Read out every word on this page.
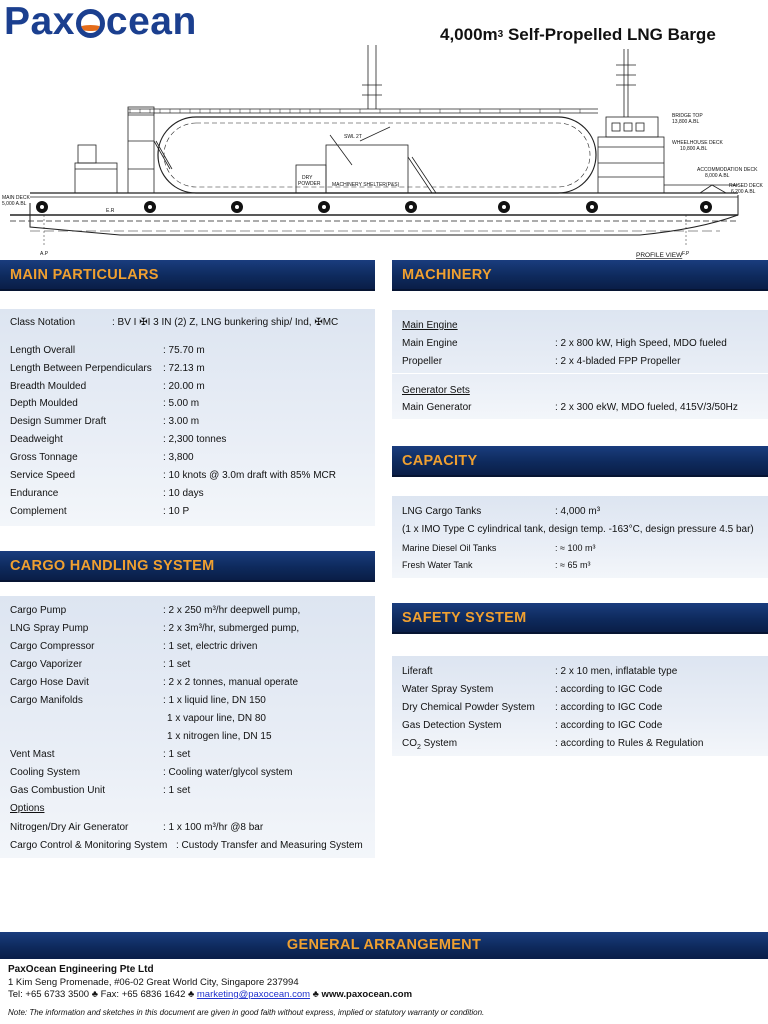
Pax cean	$4,000m^3$ Self-Propelled LNG Barge
BRIDGE TOP
13,800 A.BL
WHEELHOUSE DECK
10,800 A.BL
ACCOMMODATION DECK
8,000 A.BL
RAISED DECK
6,200 A.BL
MAIN DECK
5,000 A.BL
SWL 2T
DRY
POWDER MACHINERY SHELTER(P&S)
E.R
A.P	F.P
PROFILE VIEW
MAIN PARTICULARS
Class Notation	: BV I ✠I 3 IN (2) Z, LNG bunkering ship/ Ind, ✠MC
Length Overall	: 75.70 m
Length Between Perpendiculars : 72.13 m
Breadth Moulded	: 20.00 m
Depth Moulded	: 5.00 m
Design Summer Draft	: 3.00 m
Deadweight	: 2,300 tonnes
Gross Tonnage	: 3,800
Service Speed	: 10 knots @ 3.0m draft with 85% MCR
Endurance	: 10 days
Complement	: 10 P
CARGO HANDLING SYSTEM
Cargo Pump	: 2 x 250 m³/hr deepwell pump,
LNG Spray Pump	: 2 x 3m³/hr, submerged pump,
Cargo Compressor	: 1 set, electric driven
Cargo Vaporizer	: 1 set
Cargo Hose Davit	: 2 x 2 tonnes, manual operate
Cargo Manifolds	: 1 x liquid line, DN 150
1 x vapour line, DN 80
1 x nitrogen line, DN 15
Vent Mast	: 1 set
Cooling System	: Cooling water/glycol system
Gas Combustion Unit	: 1 set
Options
Nitrogen/Dry Air Generator	: 1 x 100 m³/hr @8 bar
Cargo Control & Monitoring System : Custody Transfer and Measuring System
MACHINERY
Main Engine
Main Engine	: 2 x 800 kW, High Speed, MDO fueled
Propeller	: 2 x 4-bladed FPP Propeller
Generator Sets
Main Generator	: 2 x 300 ekW, MDO fueled, 415V/3/50Hz
CAPACITY
LNG Cargo Tanks	: 4,000 m³
(1 x IMO Type C cylindrical tank, design temp. -163°C, design pressure 4.5 bar)
Marine Diesel Oil Tanks	: ≈ 100 m³
Fresh Water Tank	: ≈ 65 m³
SAFETY SYSTEM
Liferaft	: 2 x 10 men, inflatable type
Water Spray System	: according to IGC Code
Dry Chemical Powder System : according to IGC Code
Gas Detection System	: according to IGC Code
$CO_2$ System	: according to Rules & Regulation
GENERAL ARRANGEMENT
PaxOcean Engineering Pte Ltd
1 Kim Seng Promenade, #06-02 Great World City, Singapore 237994
Tel: +65 6733 3500 ♣ Fax: +65 6836 1642 ♣ marketing@paxocean.com ♣ www.paxocean.com
Note: The information and sketches in this document are given in good faith without express, implied or statutory warranty or condition.
